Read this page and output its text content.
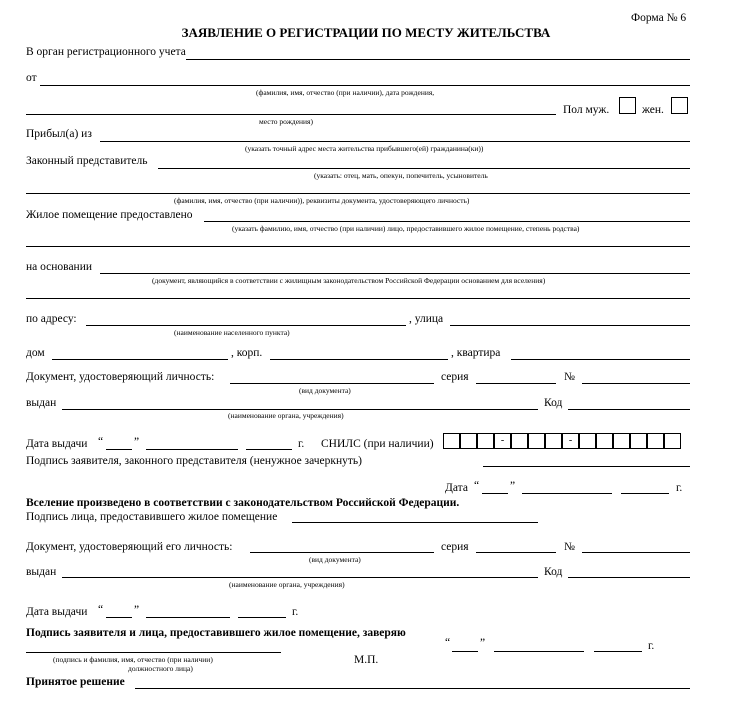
Форма № 6
ЗАЯВЛЕНИЕ О РЕГИСТРАЦИИ ПО МЕСТУ ЖИТЕЛЬСТВА
В орган регистрационного учета
от
(фамилия, имя, отчество (при наличии), дата рождения,
Пол муж.	жен.
место рождения)
Прибыл(а) из
(указать точный адрес места жительства прибывшего(ей) гражданина(ки))
Законный представитель
(указать: отец, мать, опекун, попечитель, усыновитель
(фамилия, имя, отчество (при наличии)), реквизиты документа, удостоверяющего личность)
Жилое помещение предоставлено
(указать фамилию, имя, отчество (при наличии) лицо, предоставившего жилое помещение, степень родства)
на основании
(документ, являющийся в соответствии с жилищным законодательством Российской Федерации основанием для вселения)
по адресу:	, улица
(наименование населенного пункта)
дом	, корп.	, квартира
Документ, удостоверяющий личность:	серия	№
(вид документа)
выдан	Код
(наименование органа, учреждения)
Дата выдачи “	”	г. СНИЛС (при наличии)	-	-
Подпись заявителя, законного представителя (ненужное зачеркнуть)
Дата “	”	г.
Вселение произведено в соответствии с законодательством Российской Федерации.
Подпись лица, предоставившего жилое помещение
Документ, удостоверяющий его личность:	серия	№
(вид документа)
выдан	Код
(наименование органа, учреждения)
Дата выдачи “	”	г.
Подпись заявителя и лица, предоставившего жилое помещение, заверяю
“	”	г.
(подпись и фамилия, имя, отчество (при наличии)
должностного лица)
М.П.
Принятое решение
